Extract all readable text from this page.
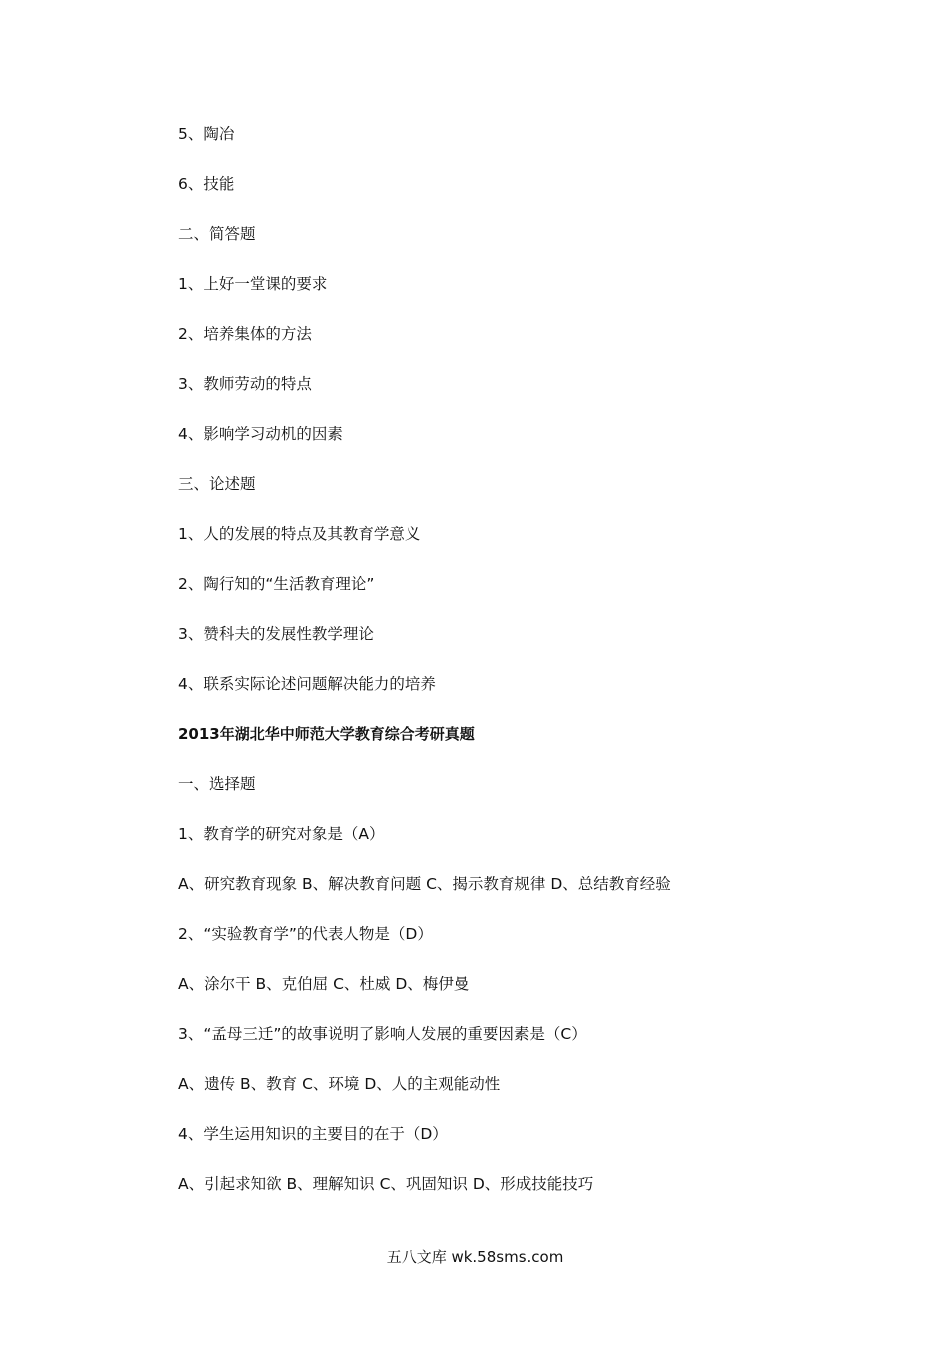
5、陶冶
6、技能
二、简答题
1、上好一堂课的要求
2、培养集体的方法
3、教师劳动的特点
4、影响学习动机的因素
三、论述题
1、人的发展的特点及其教育学意义
2、陶行知的“生活教育理论”
3、赞科夫的发展性教学理论
4、联系实际论述问题解决能力的培养
2013年湖北华中师范大学教育综合考研真题
一、选择题
1、教育学的研究对象是（A）
A、研究教育现象 B、解决教育问题 C、揭示教育规律 D、总结教育经验
2、“实验教育学”的代表人物是（D）
A、涂尔干 B、克伯屈 C、杜威 D、梅伊曼
3、“孟母三迁”的故事说明了影响人发展的重要因素是（C）
A、遗传 B、教育 C、环境 D、人的主观能动性
4、学生运用知识的主要目的在于（D）
A、引起求知欲 B、理解知识 C、巩固知识 D、形成技能技巧
五八文库 wk.58sms.com
